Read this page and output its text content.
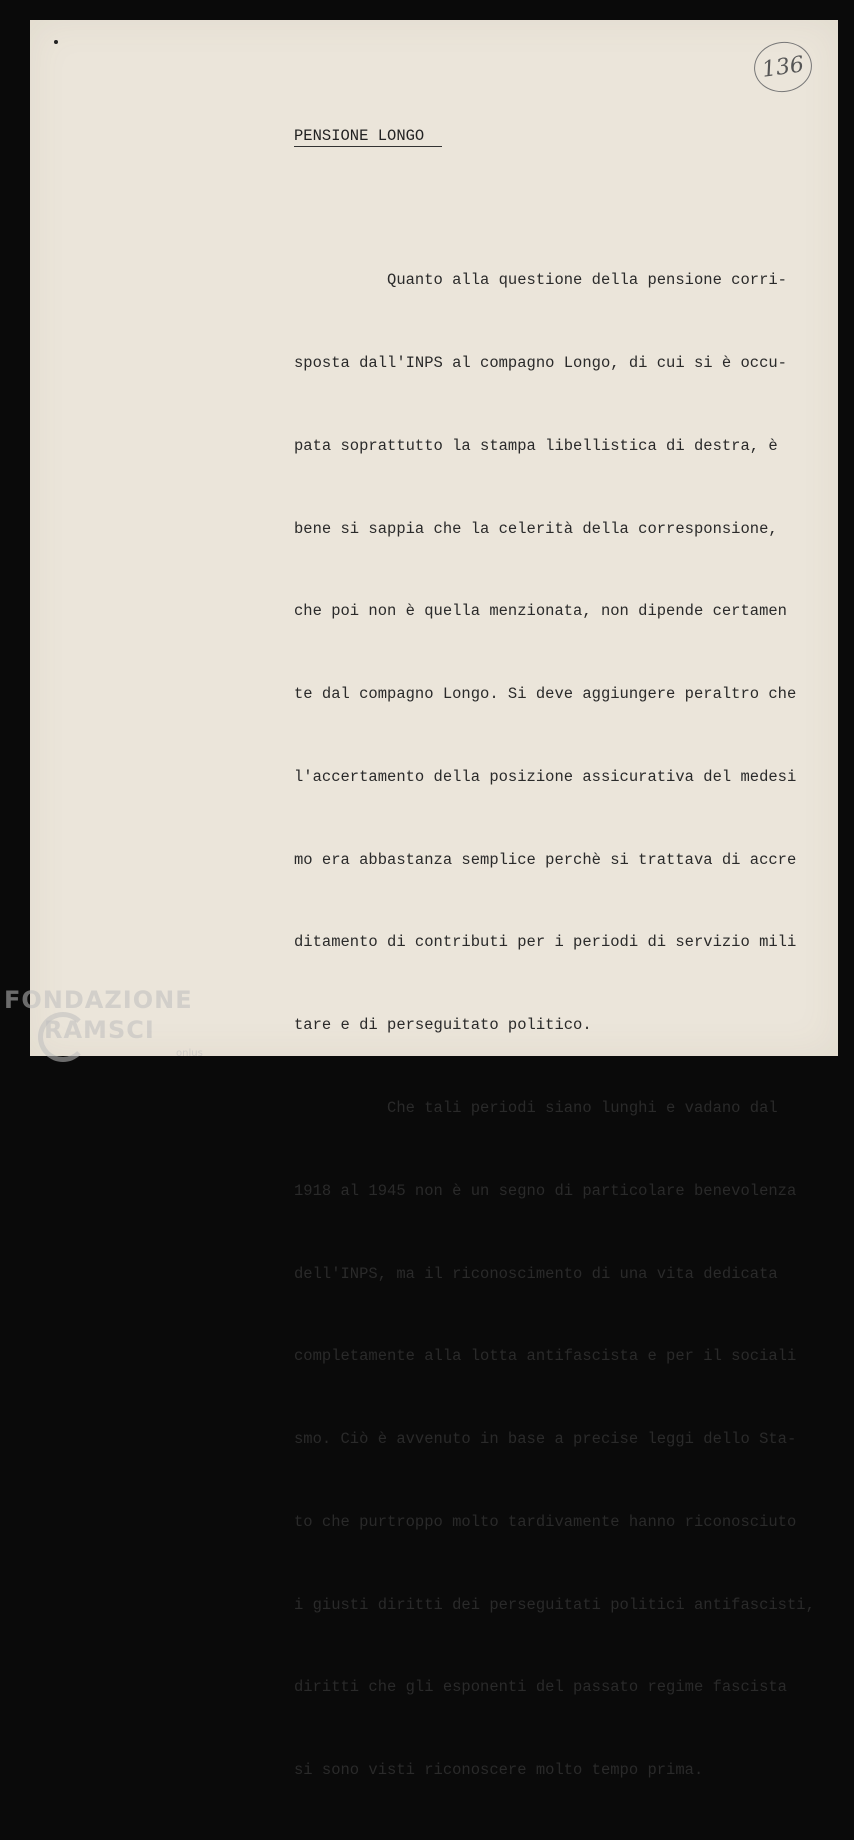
136
PENSIONE LONGO

Quanto alla questione della pensione corri-

sposta dall'INPS al compagno Longo, di cui si è occu-

pata soprattutto la stampa libellistica di destra, è

bene si sappia che la celerità della corresponsione,

che poi non è quella menzionata, non dipende certamen

te dal compagno Longo. Si deve aggiungere peraltro che

l'accertamento della posizione assicurativa del medesi

mo era abbastanza semplice perchè si trattava di accre

ditamento di contributi per i periodi di servizio mili

tare e di perseguitato politico.

Che tali periodi siano lunghi e vadano dal

1918 al 1945 non è un segno di particolare benevolenza

dell'INPS, ma il riconoscimento di una vita dedicata

completamente alla lotta antifascista e per il sociali

smo. Ciò è avvenuto in base a precise leggi dello Sta-

to che purtroppo molto tardivamente hanno riconosciuto

i giusti diritti dei perseguitati politici antifascisti,

diritti che gli esponenti del passato regime fascista

si sono visti riconoscere molto tempo prima.

FONDAZIONE
RAMSCI
onlus
